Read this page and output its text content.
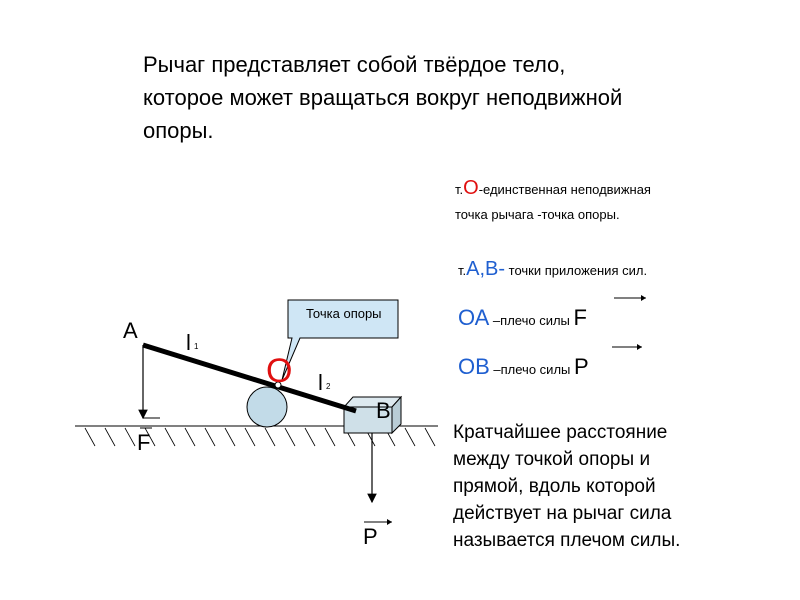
Рычаг представляет собой твёрдое тело,
которое может вращаться вокруг неподвижной
опоры.
т.О-единственная неподвижная
точка рычага -точка опоры.
т.А,В- точки приложения сил.
ОА –плечо силы F
ОВ –плечо силы P
Кратчайшее расстояние
между точкой опоры и
прямой, вдоль которой
действует на рычаг сила
называется плечом силы.
Точка опоры
А
B
О
l 1
l 2
F
P
